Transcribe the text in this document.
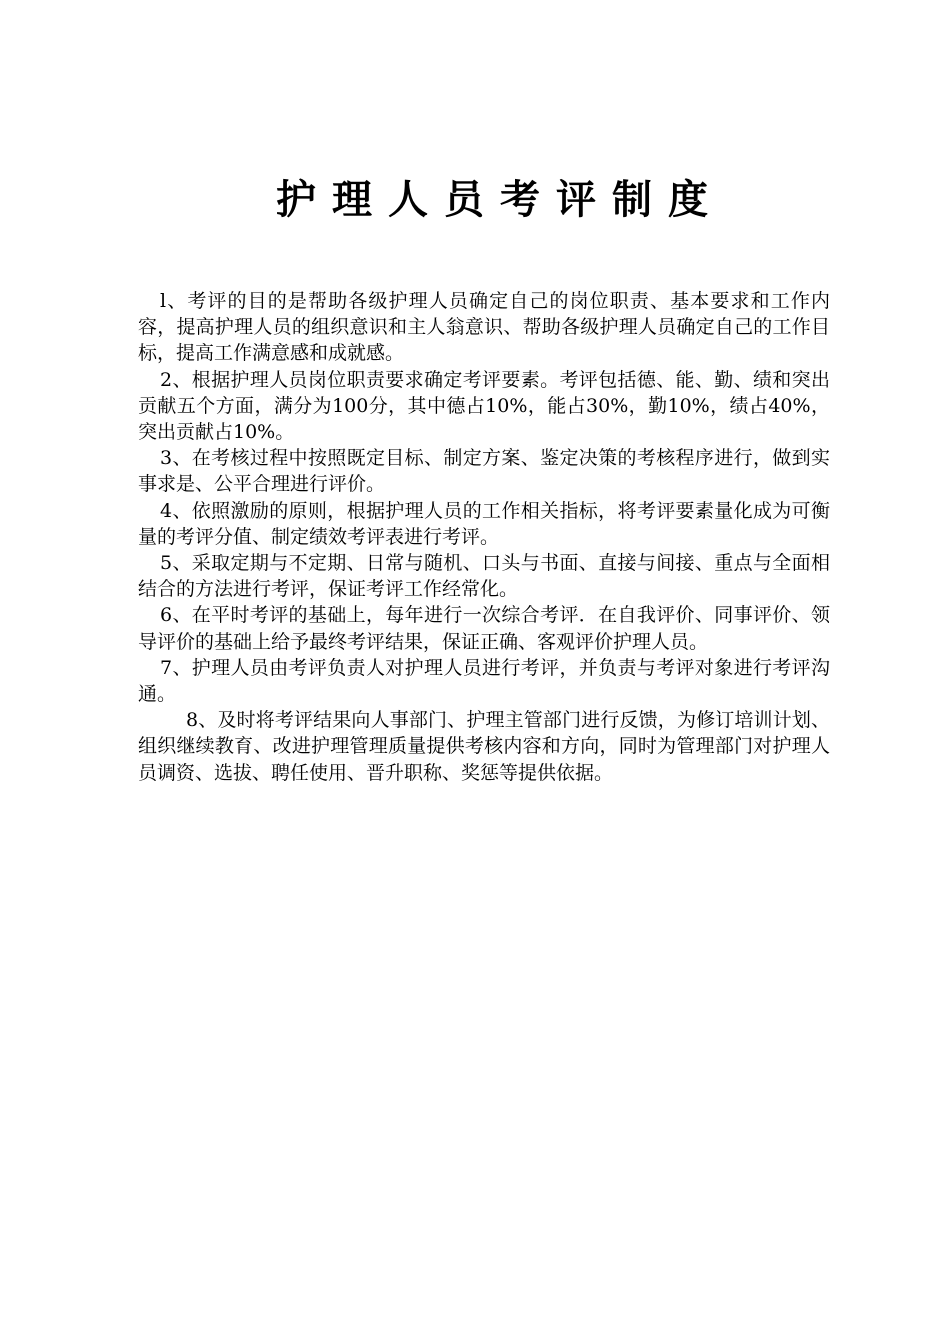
护理人员考评制度

l、考评的目的是帮助各级护理人员确定自己的岗位职责、基本要求和工作内容，提高护理人员的组织意识和主人翁意识、帮助各级护理人员确定自己的工作目标，提高工作满意感和成就感。

2、根据护理人员岗位职责要求确定考评要素。考评包括德、能、勤、绩和突出贡献五个方面，满分为100分，其中德占10%，能占30%，勤10%，绩占40%，突出贡献占10%。

3、在考核过程中按照既定目标、制定方案、鉴定决策的考核程序进行，做到实事求是、公平合理进行评价。

4、依照激励的原则，根据护理人员的工作相关指标，将考评要素量化成为可衡量的考评分值、制定绩效考评表进行考评。

5、采取定期与不定期、日常与随机、口头与书面、直接与间接、重点与全面相结合的方法进行考评，保证考评工作经常化。

6、在平时考评的基础上，每年进行一次综合考评．在自我评价、同事评价、领导评价的基础上给予最终考评结果，保证正确、客观评价护理人员。

7、护理人员由考评负责人对护理人员进行考评，并负责与考评对象进行考评沟通。

8、及时将考评结果向人事部门、护理主管部门进行反馈，为修订培训计划、组织继续教育、改进护理管理质量提供考核内容和方向，同时为管理部门对护理人员调资、选拔、聘任使用、晋升职称、奖惩等提供依据。
